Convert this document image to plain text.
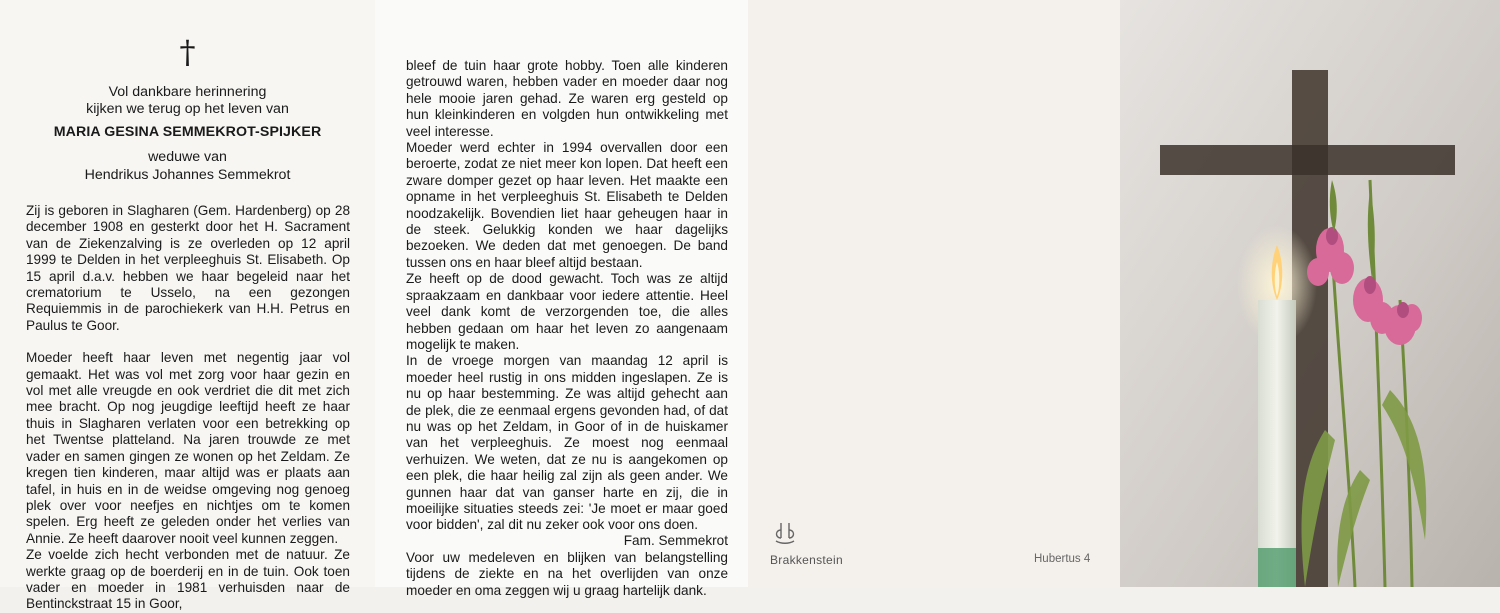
†
Vol dankbare herinnering
kijken we terug op het leven van
MARIA GESINA SEMMEKROT-SPIJKER
weduwe van
Hendrikus Johannes Semmekrot

Zij is geboren in Slagharen (Gem. Hardenberg) op 28 december 1908 en gesterkt door het H. Sacrament van de Ziekenzalving is ze overleden op 12 april 1999 te Delden in het verpleeghuis St. Elisabeth. Op 15 april d.a.v. hebben we haar begeleid naar het crematorium te Usselo, na een gezongen Requiemmis in de parochiekerk van H.H. Petrus en Paulus te Goor.

Moeder heeft haar leven met negentig jaar vol gemaakt. Het was vol met zorg voor haar gezin en vol met alle vreugde en ook verdriet die dit met zich mee bracht. Op nog jeugdige leeftijd heeft ze haar thuis in Slagharen verlaten voor een betrekking op het Twentse platteland. Na jaren trouwde ze met vader en samen gingen ze wonen op het Zeldam. Ze kregen tien kinderen, maar altijd was er plaats aan tafel, in huis en in de weidse omgeving nog genoeg plek over voor neefjes en nichtjes om te komen spelen. Erg heeft ze geleden onder het verlies van Annie. Ze heeft daarover nooit veel kunnen zeggen.

Ze voelde zich hecht verbonden met de natuur. Ze werkte graag op de boerderij en in de tuin. Ook toen vader en moeder in 1981 verhuisden naar de Bentinckstraat 15 in Goor,

bleef de tuin haar grote hobby. Toen alle kinderen getrouwd waren, hebben vader en moeder daar nog hele mooie jaren gehad. Ze waren erg gesteld op hun kleinkinderen en volgden hun ontwikkeling met veel interesse.

Moeder werd echter in 1994 overvallen door een beroerte, zodat ze niet meer kon lopen. Dat heeft een zware domper gezet op haar leven. Het maakte een opname in het verpleeghuis St. Elisabeth te Delden noodzakelijk. Bovendien liet haar geheugen haar in de steek. Gelukkig konden we haar dagelijks bezoeken. We deden dat met genoegen. De band tussen ons en haar bleef altijd bestaan.

Ze heeft op de dood gewacht. Toch was ze altijd spraakzaam en dankbaar voor iedere attentie. Heel veel dank komt de verzorgenden toe, die alles hebben gedaan om haar het leven zo aangenaam mogelijk te maken.

In de vroege morgen van maandag 12 april is moeder heel rustig in ons midden ingeslapen. Ze is nu op haar bestemming. Ze was altijd gehecht aan de plek, die ze eenmaal ergens gevonden had, of dat nu was op het Zeldam, in Goor of in de huiskamer van het verpleeghuis. Ze moest nog eenmaal verhuizen. We weten, dat ze nu is aangekomen op een plek, die haar heilig zal zijn als geen ander. We gunnen haar dat van ganser harte en zij, die in moeilijke situaties steeds zei: 'Je moet er maar goed voor bidden', zal dit nu zeker ook voor ons doen.

Voor uw medeleven en blijken van belangstelling tijdens de ziekte en na het overlijden van onze moeder en oma zeggen wij u graag hartelijk dank.

Fam. Semmekrot
Brakkenstein	Hubertus 4
